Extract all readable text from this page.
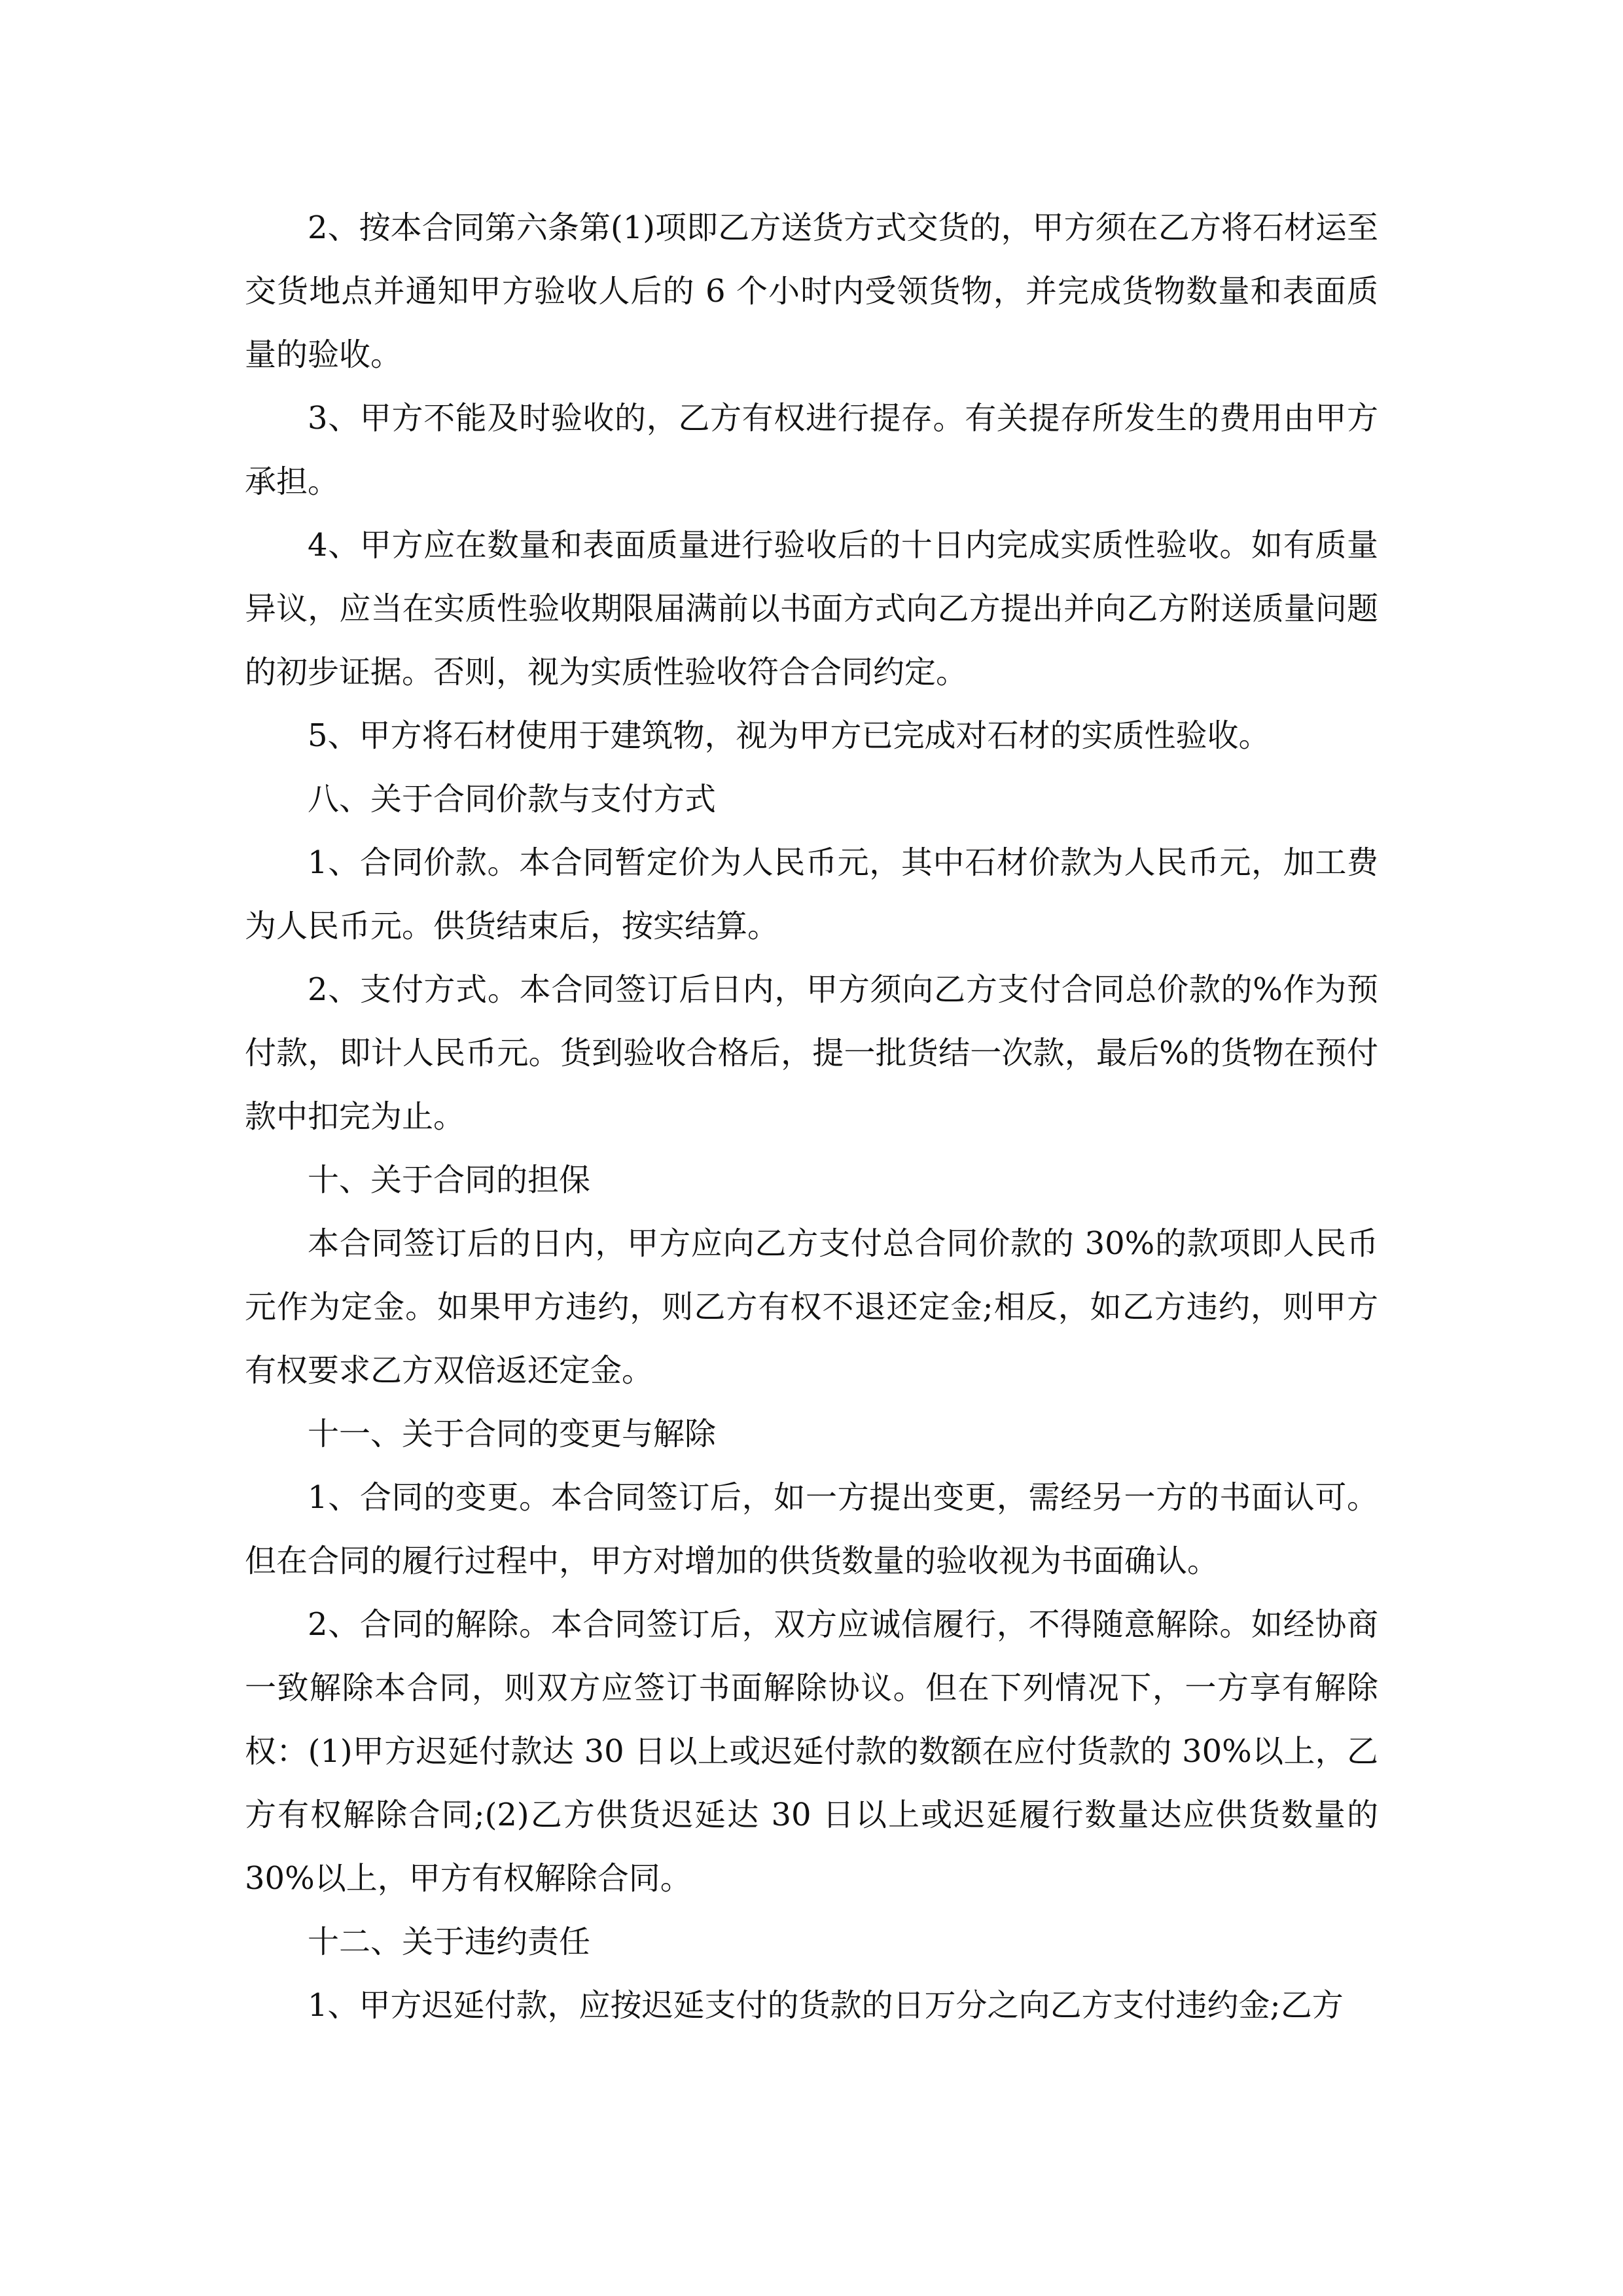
2、按本合同第六条第(1)项即乙方送货方式交货的，甲方须在乙方将石材运至交货地点并通知甲方验收人后的 6 个小时内受领货物，并完成货物数量和表面质量的验收。

3、甲方不能及时验收的，乙方有权进行提存。有关提存所发生的费用由甲方承担。

4、甲方应在数量和表面质量进行验收后的十日内完成实质性验收。如有质量异议，应当在实质性验收期限届满前以书面方式向乙方提出并向乙方附送质量问题的初步证据。否则，视为实质性验收符合合同约定。

5、甲方将石材使用于建筑物，视为甲方已完成对石材的实质性验收。

八、关于合同价款与支付方式

1、合同价款。本合同暂定价为人民币元，其中石材价款为人民币元，加工费为人民币元。供货结束后，按实结算。

2、支付方式。本合同签订后日内，甲方须向乙方支付合同总价款的%作为预付款，即计人民币元。货到验收合格后，提一批货结一次款，最后%的货物在预付款中扣完为止。

十、关于合同的担保

本合同签订后的日内，甲方应向乙方支付总合同价款的 30%的款项即人民币元作为定金。如果甲方违约，则乙方有权不退还定金;相反，如乙方违约，则甲方有权要求乙方双倍返还定金。

十一、关于合同的变更与解除

1、合同的变更。本合同签订后，如一方提出变更，需经另一方的书面认可。但在合同的履行过程中，甲方对增加的供货数量的验收视为书面确认。

2、合同的解除。本合同签订后，双方应诚信履行，不得随意解除。如经协商一致解除本合同，则双方应签订书面解除协议。但在下列情况下，一方享有解除权：(1)甲方迟延付款达 30 日以上或迟延付款的数额在应付货款的 30%以上，乙方有权解除合同;(2)乙方供货迟延达 30 日以上或迟延履行数量达应供货数量的 30%以上，甲方有权解除合同。

十二、关于违约责任

1、甲方迟延付款，应按迟延支付的货款的日万分之向乙方支付违约金;乙方
